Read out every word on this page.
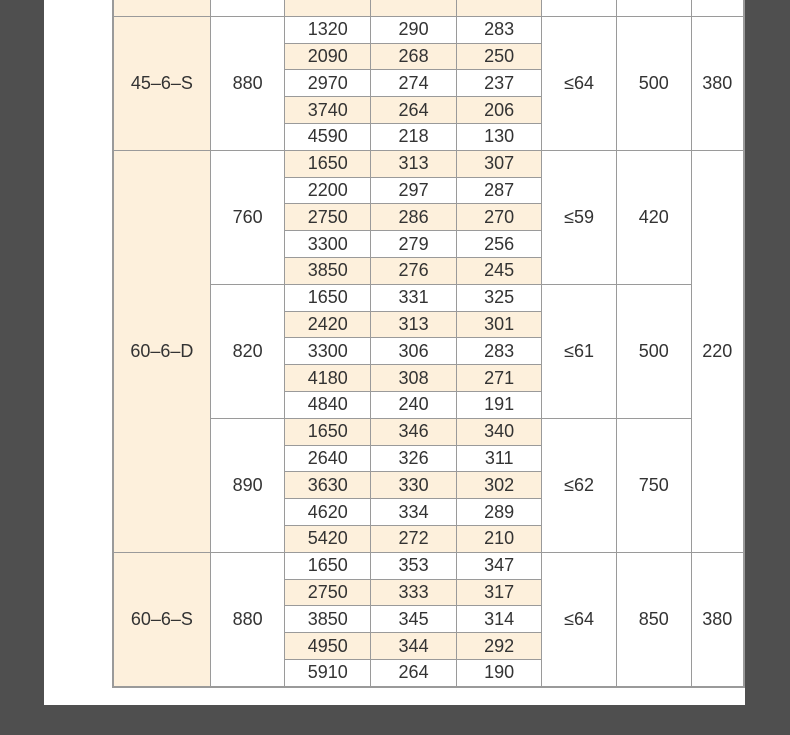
45–6–S	880	1320	290	283	≤64	500	380
		2090	268	250			
		2970	274	237			
		3740	264	206			
		4590	218	130			
60–6–D	760	1650	313	307	≤59	420	220
		2200	297	287			
		2750	286	270			
		3300	279	256			
		3850	276	245			
	820	1650	331	325	≤61	500	
		2420	313	301			
		3300	306	283			
		4180	308	271			
		4840	240	191			
	890	1650	346	340	≤62	750	
		2640	326	311			
		3630	330	302			
		4620	334	289			
		5420	272	210			
60–6–S	880	1650	353	347	≤64	850	380
		2750	333	317			
		3850	345	314			
		4950	344	292			
		5910	264	190			
